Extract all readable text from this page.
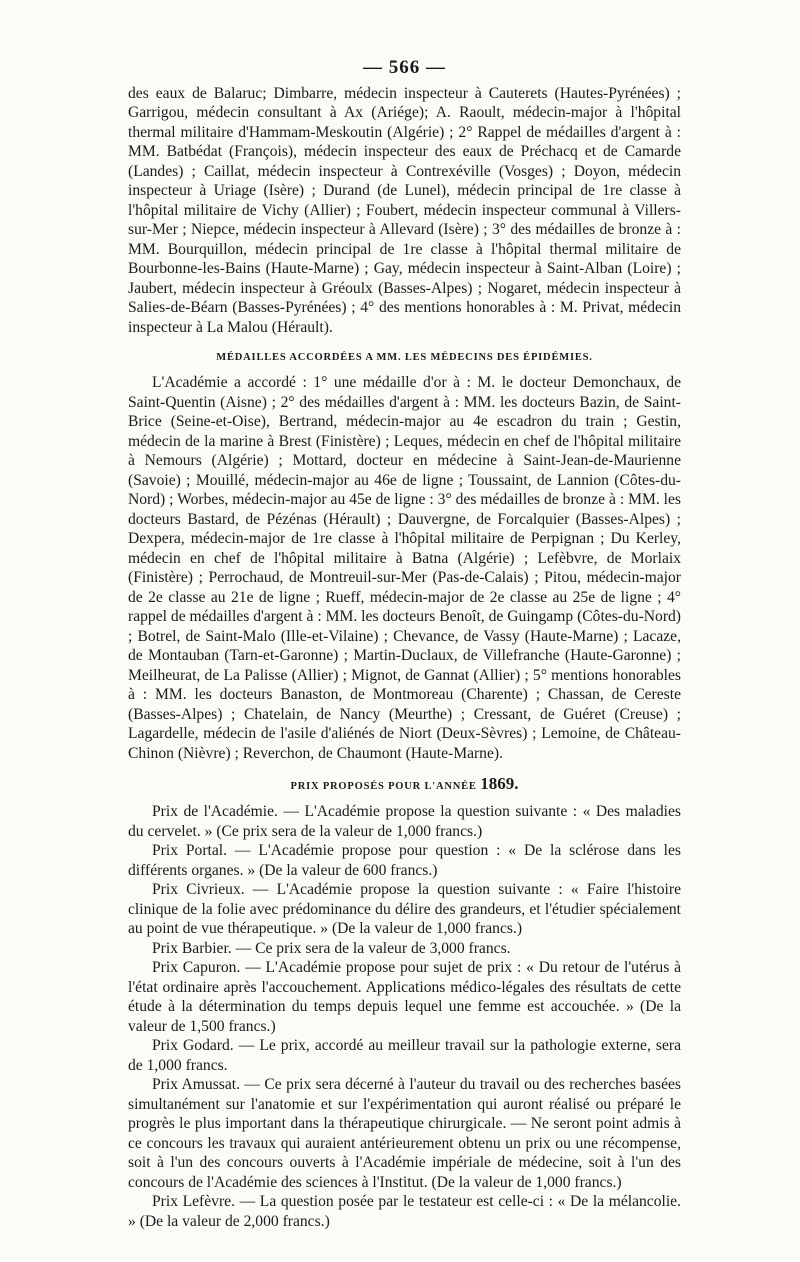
— 566 —

des eaux de Balaruc; Dimbarre, médecin inspecteur à Cauterets (Hautes-Pyrénées) ; Garrigou, médecin consultant à Ax (Ariége); A. Raoult, médecin-major à l'hôpital thermal militaire d'Hammam-Meskoutin (Algérie) ; 2° Rappel de médailles d'argent à : MM. Batbédat (François), médecin inspecteur des eaux de Préchacq et de Camarde (Landes) ; Caillat, médecin inspecteur à Contrexéville (Vosges) ; Doyon, médecin inspecteur à Uriage (Isère) ; Durand (de Lunel), médecin principal de 1re classe à l'hôpital militaire de Vichy (Allier) ; Foubert, médecin inspecteur communal à Villers-sur-Mer ; Niepce, médecin inspecteur à Allevard (Isère) ; 3° des médailles de bronze à : MM. Bourquillon, médecin principal de 1re classe à l'hôpital thermal militaire de Bourbonne-les-Bains (Haute-Marne) ; Gay, médecin inspecteur à Saint-Alban (Loire) ; Jaubert, médecin inspecteur à Gréoulx (Basses-Alpes) ; Nogaret, médecin inspecteur à Salies-de-Béarn (Basses-Pyrénées) ; 4° des mentions honorables à : M. Privat, médecin inspecteur à La Malou (Hérault).

MÉDAILLES ACCORDÉES A MM. LES MÉDECINS DES ÉPIDÉMIES.

L'Académie a accordé : 1° une médaille d'or à : M. le docteur Demonchaux, de Saint-Quentin (Aisne) ; 2° des médailles d'argent à : MM. les docteurs Bazin, de Saint-Brice (Seine-et-Oise), Bertrand, médecin-major au 4e escadron du train ; Gestin, médecin de la marine à Brest (Finistère) ; Leques, médecin en chef de l'hôpital militaire à Nemours (Algérie) ; Mottard, docteur en médecine à Saint-Jean-de-Maurienne (Savoie) ; Mouillé, médecin-major au 46e de ligne ; Toussaint, de Lannion (Côtes-du-Nord) ; Worbes, médecin-major au 45e de ligne : 3° des médailles de bronze à : MM. les docteurs Bastard, de Pézénas (Hérault) ; Dauvergne, de Forcalquier (Basses-Alpes) ; Dexpera, médecin-major de 1re classe à l'hôpital militaire de Perpignan ; Du Kerley, médecin en chef de l'hôpital militaire à Batna (Algérie) ; Lefèbvre, de Morlaix (Finistère) ; Perrochaud, de Montreuil-sur-Mer (Pas-de-Calais) ; Pitou, médecin-major de 2e classe au 21e de ligne ; Rueff, médecin-major de 2e classe au 25e de ligne ; 4° rappel de médailles d'argent à : MM. les docteurs Benoît, de Guingamp (Côtes-du-Nord) ; Botrel, de Saint-Malo (Ille-et-Vilaine) ; Chevance, de Vassy (Haute-Marne) ; Lacaze, de Montauban (Tarn-et-Garonne) ; Martin-Duclaux, de Villefranche (Haute-Garonne) ; Meilheurat, de La Palisse (Allier) ; Mignot, de Gannat (Allier) ; 5° mentions honorables à : MM. les docteurs Banaston, de Montmoreau (Charente) ; Chassan, de Cereste (Basses-Alpes) ; Chatelain, de Nancy (Meurthe) ; Cressant, de Guéret (Creuse) ; Lagardelle, médecin de l'asile d'aliénés de Niort (Deux-Sèvres) ; Lemoine, de Château-Chinon (Nièvre) ; Reverchon, de Chaumont (Haute-Marne).

PRIX PROPOSÉS POUR L'ANNÉE 1869.

Prix de l'Académie. — L'Académie propose la question suivante : « Des maladies du cervelet. » (Ce prix sera de la valeur de 1,000 francs.)

Prix Portal. — L'Académie propose pour question : « De la sclérose dans les différents organes. » (De la valeur de 600 francs.)

Prix Civrieux. — L'Académie propose la question suivante : « Faire l'histoire clinique de la folie avec prédominance du délire des grandeurs, et l'étudier spécialement au point de vue thérapeutique. » (De la valeur de 1,000 francs.)

Prix Barbier. — Ce prix sera de la valeur de 3,000 francs.

Prix Capuron. — L'Académie propose pour sujet de prix : « Du retour de l'utérus à l'état ordinaire après l'accouchement. Applications médico-légales des résultats de cette étude à la détermination du temps depuis lequel une femme est accouchée. » (De la valeur de 1,500 francs.)

Prix Godard. — Le prix, accordé au meilleur travail sur la pathologie externe, sera de 1,000 francs.

Prix Amussat. — Ce prix sera décerné à l'auteur du travail ou des recherches basées simultanément sur l'anatomie et sur l'expérimentation qui auront réalisé ou préparé le progrès le plus important dans la thérapeutique chirurgicale. — Ne seront point admis à ce concours les travaux qui auraient antérieurement obtenu un prix ou une récompense, soit à l'un des concours ouverts à l'Académie impériale de médecine, soit à l'un des concours de l'Académie des sciences à l'Institut. (De la valeur de 1,000 francs.)

Prix Lefèvre. — La question posée par le testateur est celle-ci : « De la mélancolie. » (De la valeur de 2,000 francs.)
